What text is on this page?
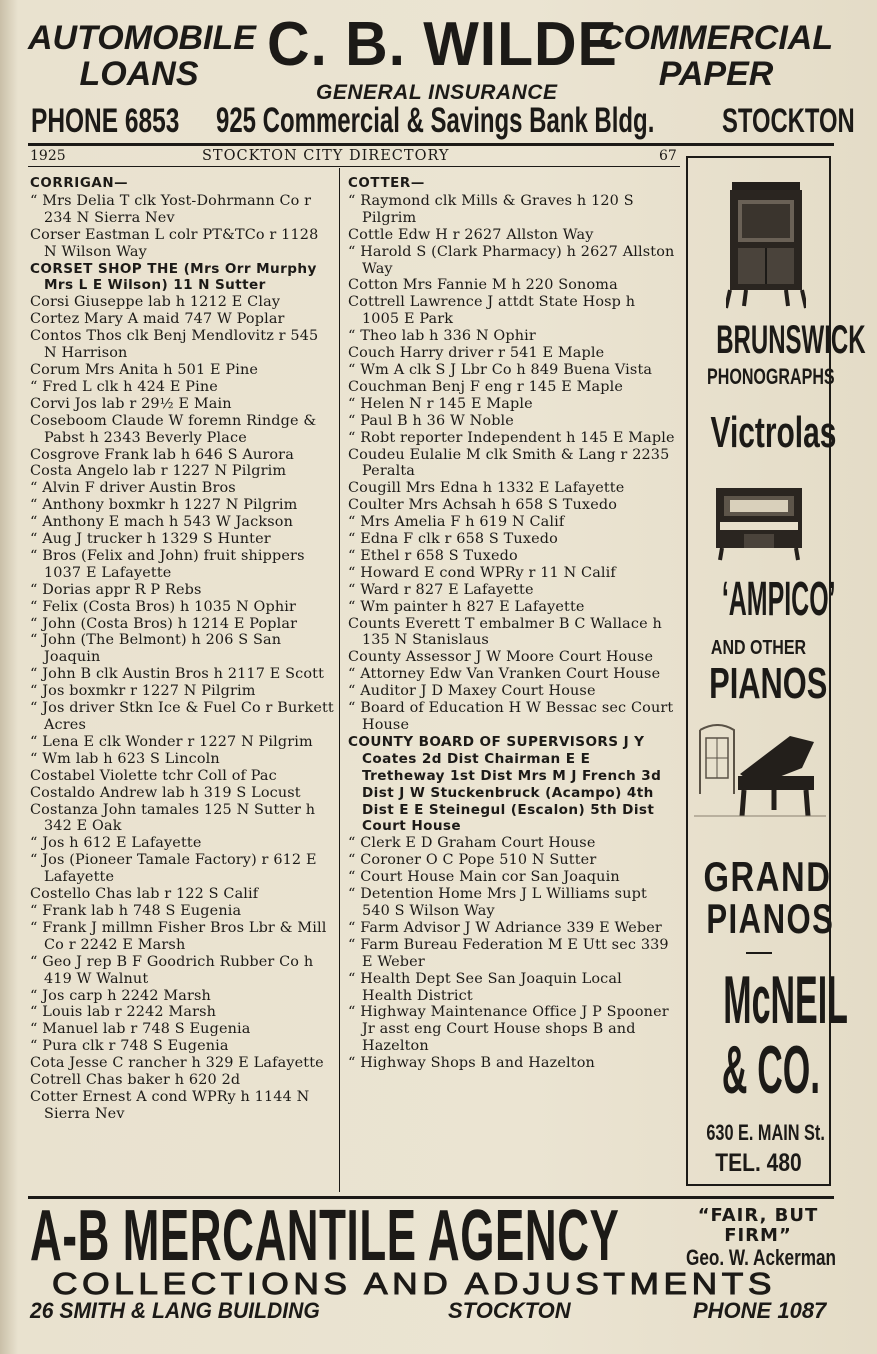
AUTOMOBILE
LOANS	C. B. WILDE
COMMERCIAL
PAPER
GENERAL INSURANCE
PHONE 6853 925 Commercial & Savings Bank Bldg. STOCKTON
1925	STOCKTON CITY DIRECTORY	67

CORRIGAN—

“ Mrs Delia T clk Yost-Dohrmann Co r 234 N Sierra Nev

Corser Eastman L colr PT&TCo r 1128 N Wilson Way

CORSET SHOP THE (Mrs Orr Murphy Mrs L E Wilson) 11 N Sutter

Corsi Giuseppe lab h 1212 E Clay

Cortez Mary A maid 747 W Poplar

Contos Thos clk Benj Mendlovitz r 545 N Harrison

Corum Mrs Anita h 501 E Pine

“ Fred L clk h 424 E Pine

Corvi Jos lab r 29½ E Main

Coseboom Claude W foremn Rindge & Pabst h 2343 Beverly Place

Cosgrove Frank lab h 646 S Aurora

Costa Angelo lab r 1227 N Pilgrim

“ Alvin F driver Austin Bros

“ Anthony boxmkr h 1227 N Pilgrim

“ Anthony E mach h 543 W Jackson

“ Aug J trucker h 1329 S Hunter

“ Bros (Felix and John) fruit shippers 1037 E Lafayette

“ Dorias appr R P Rebs

“ Felix (Costa Bros) h 1035 N Ophir

“ John (Costa Bros) h 1214 E Poplar

“ John (The Belmont) h 206 S San Joaquin

“ John B clk Austin Bros h 2117 E Scott

“ Jos boxmkr r 1227 N Pilgrim

“ Jos driver Stkn Ice & Fuel Co r Burkett Acres

“ Lena E clk Wonder r 1227 N Pilgrim

“ Wm lab h 623 S Lincoln

Costabel Violette tchr Coll of Pac

Costaldo Andrew lab h 319 S Locust

Costanza John tamales 125 N Sutter h 342 E Oak

“ Jos h 612 E Lafayette

“ Jos (Pioneer Tamale Factory) r 612 E Lafayette

Costello Chas lab r 122 S Calif

“ Frank lab h 748 S Eugenia

“ Frank J millmn Fisher Bros Lbr & Mill Co r 2242 E Marsh

“ Geo J rep B F Goodrich Rubber Co h 419 W Walnut

“ Jos carp h 2242 Marsh

“ Louis lab r 2242 Marsh

“ Manuel lab r 748 S Eugenia

“ Pura clk r 748 S Eugenia

Cota Jesse C rancher h 329 E Lafayette

Cotrell Chas baker h 620 2d

Cotter Ernest A cond WPRy h 1144 N Sierra Nev

COTTER—

“ Raymond clk Mills & Graves h 120 S Pilgrim

Cottle Edw H r 2627 Allston Way

“ Harold S (Clark Pharmacy) h 2627 Allston Way

Cotton Mrs Fannie M h 220 Sonoma

Cottrell Lawrence J attdt State Hosp h 1005 E Park

“ Theo lab h 336 N Ophir

Couch Harry driver r 541 E Maple

“ Wm A clk S J Lbr Co h 849 Buena Vista

Couchman Benj F eng r 145 E Maple

“ Helen N r 145 E Maple

“ Paul B h 36 W Noble

“ Robt reporter Independent h 145 E Maple

Coudeu Eulalie M clk Smith & Lang r 2235 Peralta

Cougill Mrs Edna h 1332 E Lafayette

Coulter Mrs Achsah h 658 S Tuxedo

“ Mrs Amelia F h 619 N Calif

“ Edna F clk r 658 S Tuxedo

“ Ethel r 658 S Tuxedo

“ Howard E cond WPRy r 11 N Calif

“ Ward r 827 E Lafayette

“ Wm painter h 827 E Lafayette

Counts Everett T embalmer B C Wallace h 135 N Stanislaus

County Assessor J W Moore Court House

“ Attorney Edw Van Vranken Court House

“ Auditor J D Maxey Court House

“ Board of Education H W Bessac sec Court House

COUNTY BOARD OF SUPERVISORS J Y Coates 2d Dist Chairman E E Tretheway 1st Dist Mrs M J French 3d Dist J W Stuckenbruck (Acampo) 4th Dist E E Steinegul (Escalon) 5th Dist Court House

“ Clerk E D Graham Court House

“ Coroner O C Pope 510 N Sutter

“ Court House Main cor San Joaquin

“ Detention Home Mrs J L Williams supt 540 S Wilson Way

“ Farm Advisor J W Adriance 339 E Weber

“ Farm Bureau Federation M E Utt sec 339 E Weber

“ Health Dept See San Joaquin Local Health District

“ Highway Maintenance Office J P Spooner Jr asst eng Court House shops B and Hazelton

“ Highway Shops B and Hazelton

BRUNSWICK
PHONOGRAPHS
Victrolas
‘AMPICO’
AND OTHER
PIANOS
GRAND
PIANOS
McNEIL
& CO.
630 E. MAIN St.
TEL. 480
A-B MERCANTILE AGENCY	“FAIR, BUT
FIRM”
Geo. W. Ackerman
COLLECTIONS AND ADJUSTMENTS
26 SMITH & LANG BUILDING	STOCKTON	PHONE 1087
